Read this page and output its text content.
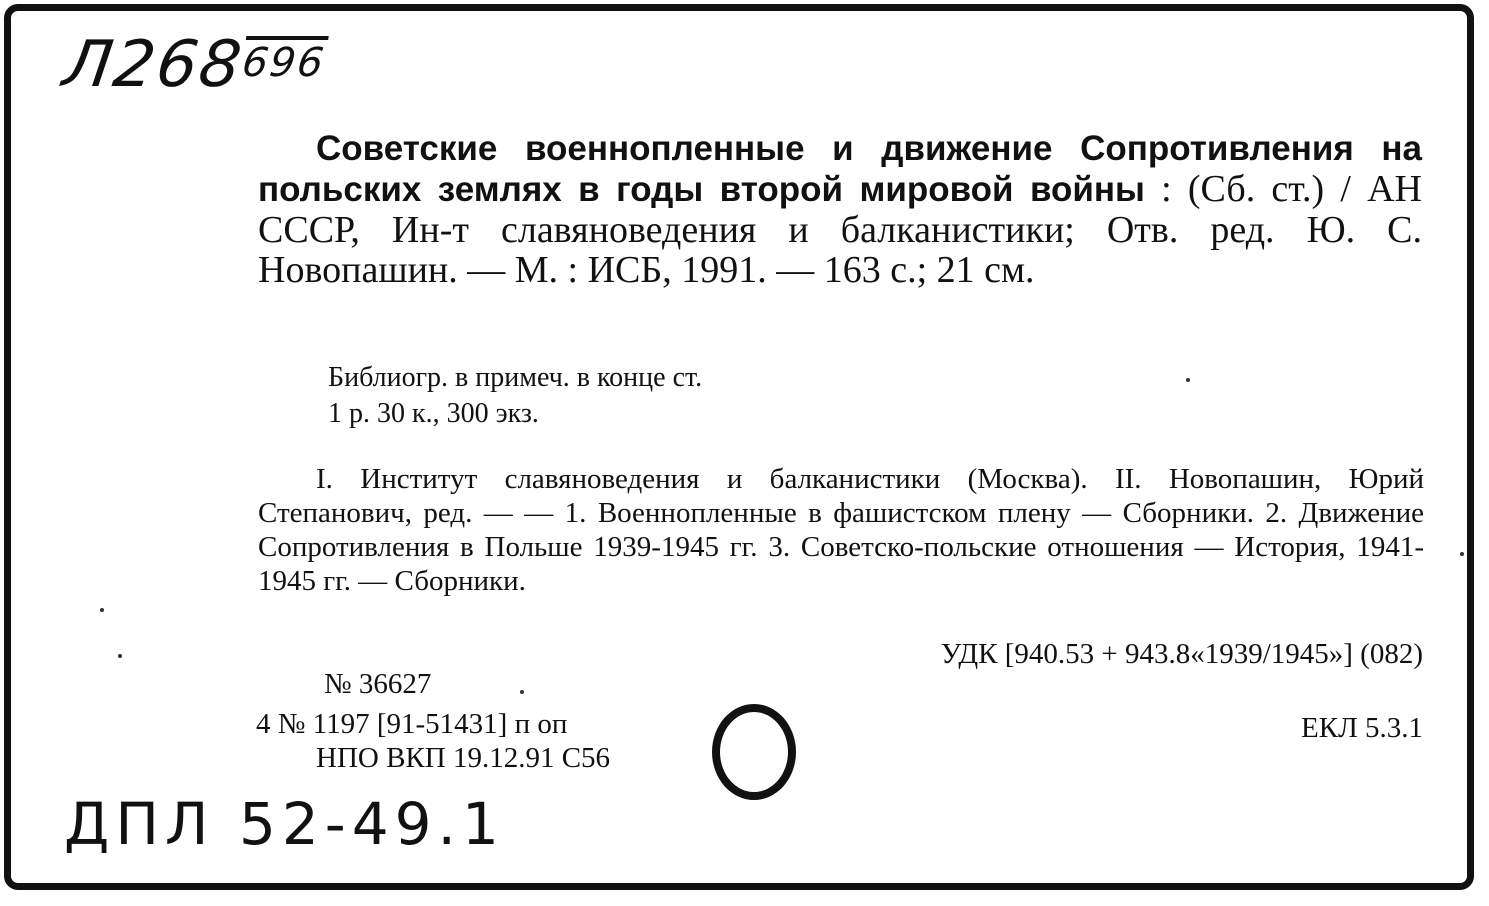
$Л268^{696}$
Советские военнопленные и движение Сопротивления на польских землях в годы второй мировой войны : (Сб. ст.) / АН СССР, Ин-т славяноведения и балканистики; Отв. ред. Ю. С. Новопашин. — М. : ИСБ, 1991. — 163 с.; 21 см.
Библиогр. в примеч. в конце ст.
1 р. 30 к., 300 экз.
I. Институт славяноведения и балканистики (Москва). II. Новопашин, Юрий Степанович, ред. — — 1. Военнопленные в фашистском плену — Сборники. 2. Движение Сопротивления в Польше 1939-1945 гг. 3. Советско-польские отношения — История, 1941-1945 гг. — Сборники.
УДК [940.53 + 943.8«1939/1945»] (082)
№ 36627
4 № 1197 [91-51431] п оп
НПО ВКП 19.12.91 С56
ЕКЛ 5.3.1
ДПЛ 52-49.1
